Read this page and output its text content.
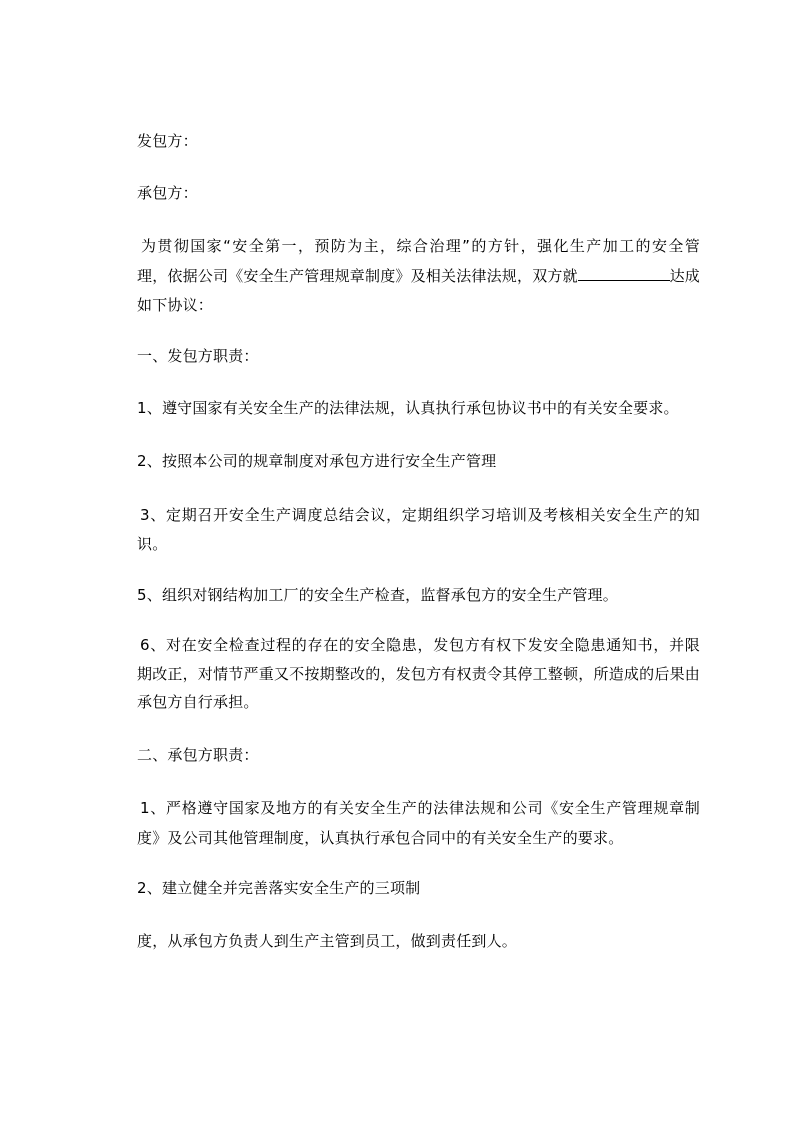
发包方：
承包方：
为贯彻国家“安全第一，预防为主，综合治理”的方针，强化生产加工的安全管
理，依据公司《安全生产管理规章制度》及相关法律法规，双方就	达成
如下协议：
一、发包方职责：
1、遵守国家有关安全生产的法律法规，认真执行承包协议书中的有关安全要求。
2、按照本公司的规章制度对承包方进行安全生产管理
3、定期召开安全生产调度总结会议，定期组织学习培训及考核相关安全生产的知
识。
5、组织对钢结构加工厂的安全生产检查，监督承包方的安全生产管理。
6、对在安全检查过程的存在的安全隐患，发包方有权下发安全隐患通知书，并限
期改正，对情节严重又不按期整改的，发包方有权责令其停工整顿，所造成的后果由
承包方自行承担。
二、承包方职责：
1、严格遵守国家及地方的有关安全生产的法律法规和公司《安全生产管理规章制
度》及公司其他管理制度，认真执行承包合同中的有关安全生产的要求。
2、建立健全并完善落实安全生产的三项制
度，从承包方负责人到生产主管到员工，做到责任到人。
